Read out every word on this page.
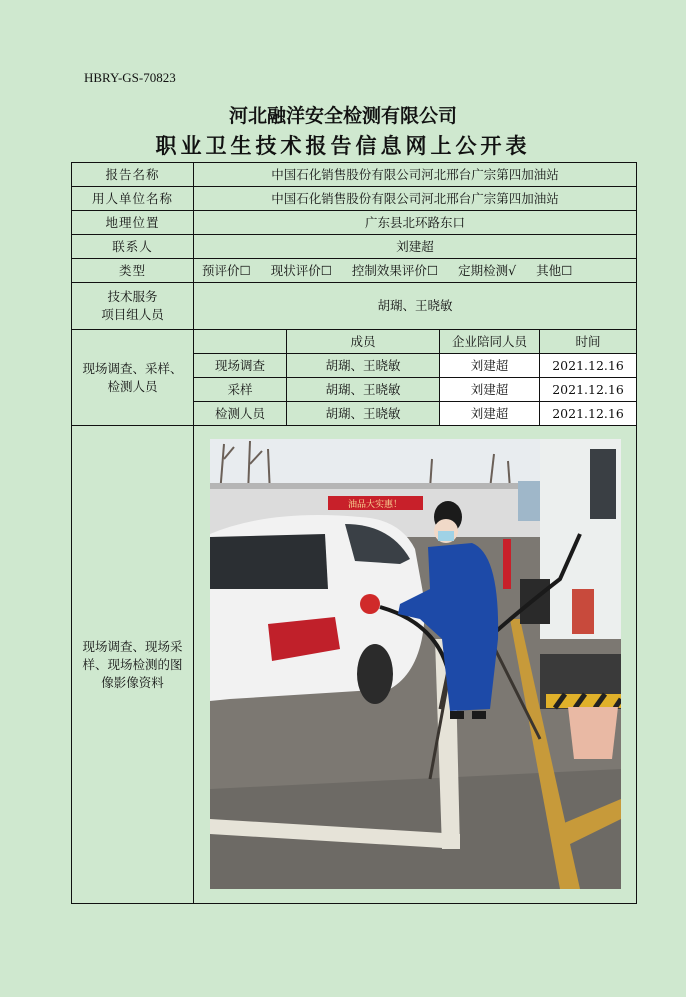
HBRY-GS-70823
河北融洋安全检测有限公司
职业卫生技术报告信息网上公开表
报告名称	中国石化销售股份有限公司河北邢台广宗第四加油站			
用人单位名称	中国石化销售股份有限公司河北邢台广宗第四加油站			
地理位置	广东县北环路东口			
联系人	刘建超			
类型	预评价☐ 现状评价☐ 控制效果评价☐ 定期检测√ 其他☐			
技术服务
项目组人员	胡瑚、王晓敏			
现场调查、采样、
检测人员		成员	企业陪同人员	时间
	现场调查	胡瑚、王晓敏	刘建超	2021.12.16
	采样	胡瑚、王晓敏	刘建超	2021.12.16
	检测人员	胡瑚、王晓敏	刘建超	2021.12.16
现场调查、现场采
样、现场检测的图
像影像资料	油品大实惠！			
